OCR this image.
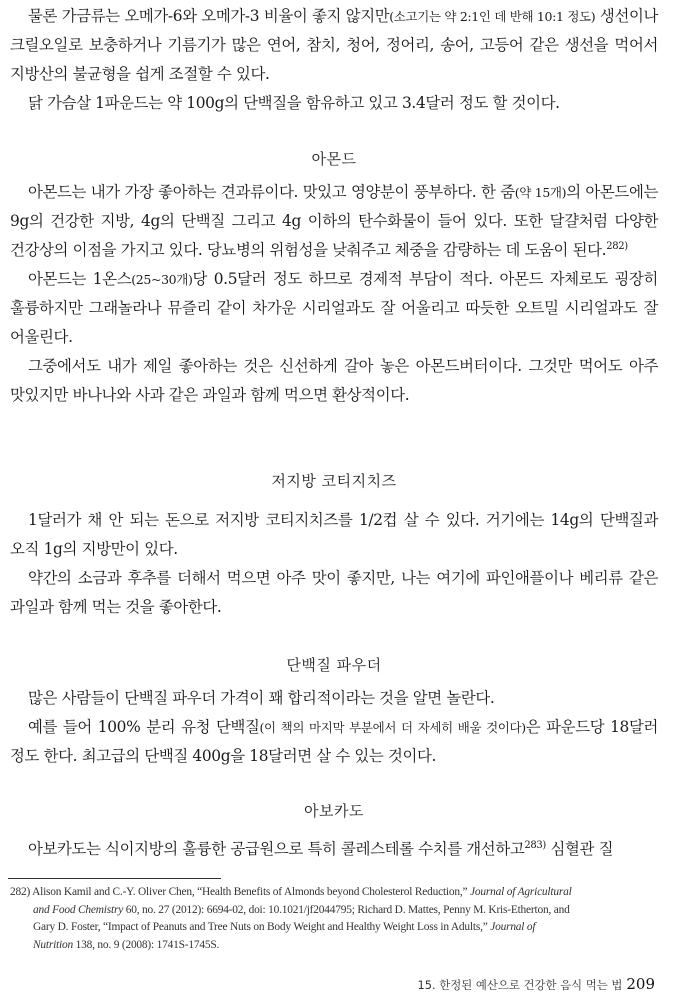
물론 가금류는 오메가-6와 오메가-3 비율이 좋지 않지만(소고기는 약 2:1인 데 반해 10:1 정도) 생선이나 크릴오일로 보충하거나 기름기가 많은 연어, 참치, 청어, 정어리, 송어, 고등어 같은 생선을 먹어서 지방산의 불균형을 쉽게 조절할 수 있다.

닭 가슴살 1파운드는 약 100g의 단백질을 함유하고 있고 3.4달러 정도 할 것이다.

아몬드

아몬드는 내가 가장 좋아하는 견과류이다. 맛있고 영양분이 풍부하다. 한 줌(약 15개)의 아몬드에는 9g의 건강한 지방, 4g의 단백질 그리고 4g 이하의 탄수화물이 들어 있다. 또한 달걀처럼 다양한 건강상의 이점을 가지고 있다. 당뇨병의 위험성을 낮춰주고 체중을 감량하는 데 도움이 된다.$^{282)}$

아몬드는 1온스(25~30개)당 0.5달러 정도 하므로 경제적 부담이 적다. 아몬드 자체로도 굉장히 훌륭하지만 그래놀라나 뮤즐리 같이 차가운 시리얼과도 잘 어울리고 따듯한 오트밀 시리얼과도 잘 어울린다.

그중에서도 내가 제일 좋아하는 것은 신선하게 갈아 놓은 아몬드버터이다. 그것만 먹어도 아주 맛있지만 바나나와 사과 같은 과일과 함께 먹으면 환상적이다.

저지방 코티지치즈

1달러가 채 안 되는 돈으로 저지방 코티지치즈를 1/2컵 살 수 있다. 거기에는 14g의 단백질과 오직 1g의 지방만이 있다.

약간의 소금과 후추를 더해서 먹으면 아주 맛이 좋지만, 나는 여기에 파인애플이나 베리류 같은 과일과 함께 먹는 것을 좋아한다.

단백질 파우더

많은 사람들이 단백질 파우더 가격이 꽤 합리적이라는 것을 알면 놀란다.

예를 들어 100% 분리 유청 단백질(이 책의 마지막 부분에서 더 자세히 배울 것이다)은 파운드당 18달러 정도 한다. 최고급의 단백질 400g을 18달러면 살 수 있는 것이다.

아보카도

아보카도는 식이지방의 훌륭한 공급원으로 특히 콜레스테롤 수치를 개선하고$^{283)}$ 심혈관 질

282) Alison Kamil and C.-Y. Oliver Chen, “Health Benefits of Almonds beyond Cholesterol Reduction,” Journal of Agricultural
and Food Chemistry 60, no. 27 (2012): 6694-02, doi: 10.1021/jf2044795; Richard D. Mattes, Penny M. Kris-Etherton, and
Gary D. Foster, “Impact of Peanuts and Tree Nuts on Body Weight and Healthy Weight Loss in Adults,” Journal of
Nutrition 138, no. 9 (2008): 1741S-1745S.
15. 한정된 예산으로 건강한 음식 먹는 법 209
